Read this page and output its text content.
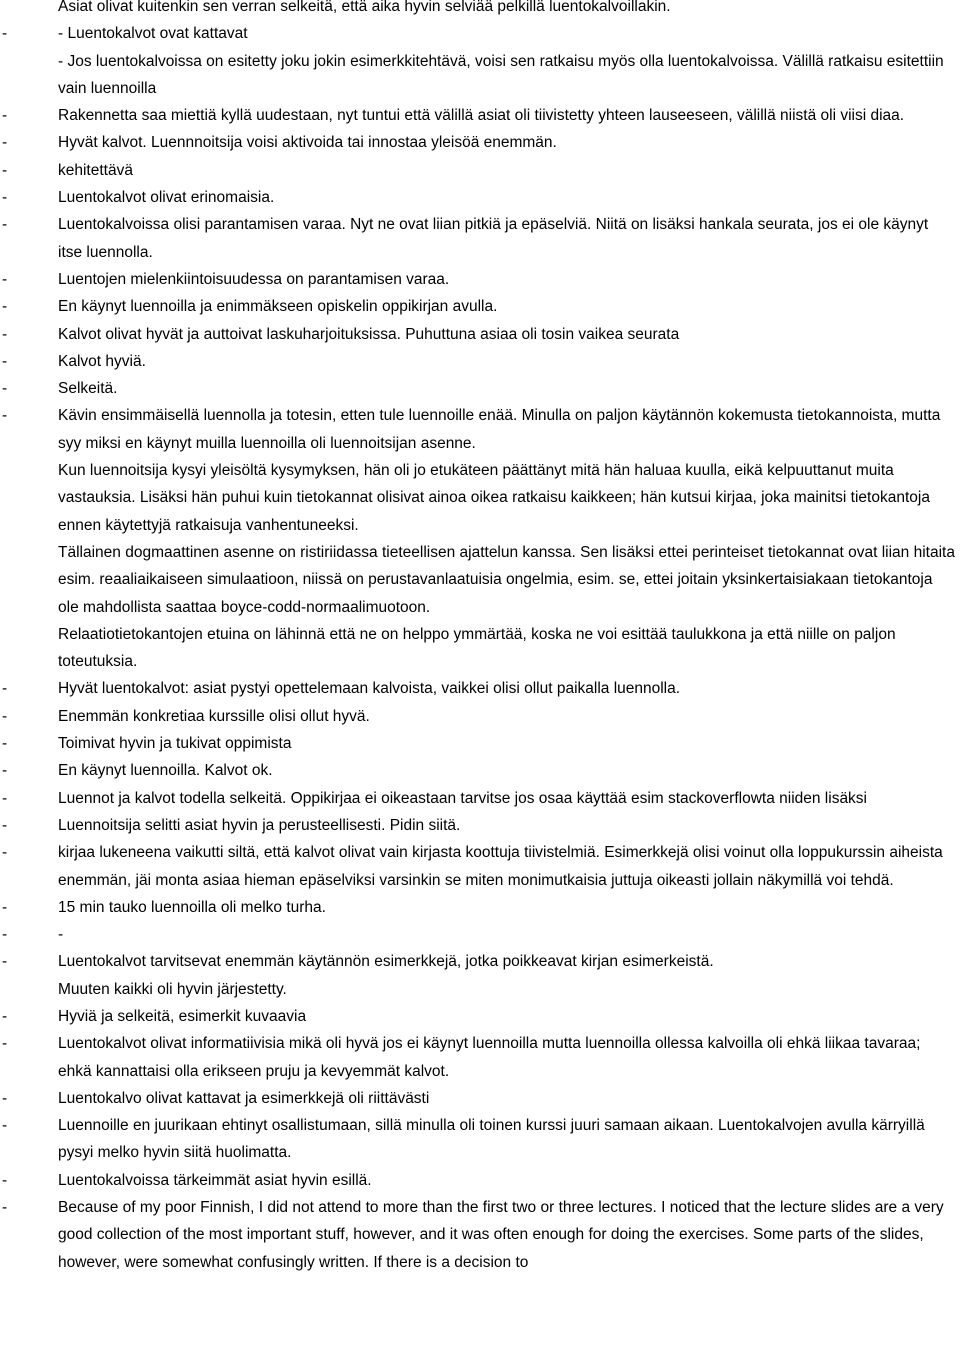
Asiat olivat kuitenkin sen verran selkeitä, että aika hyvin selviää pelkillä luentokalvoillakin.

-	- Luentokalvot ovat kattavat

- Jos luentokalvoissa on esitetty joku jokin esimerkkitehtävä, voisi sen ratkaisu myös olla luentokalvoissa. Välillä ratkaisu esitettiin vain luennoilla

-	Rakennetta saa miettiä kyllä uudestaan, nyt tuntui että välillä asiat oli tiivistetty yhteen lauseeseen, välillä niistä oli viisi diaa.

-	Hyvät kalvot. Luennnoitsija voisi aktivoida tai innostaa yleisöä enemmän.

-	kehitettävä

-	Luentokalvot olivat erinomaisia.

-	Luentokalvoissa olisi parantamisen varaa. Nyt ne ovat liian pitkiä ja epäselviä. Niitä on lisäksi hankala seurata, jos ei ole käynyt itse luennolla.

-	Luentojen mielenkiintoisuudessa on parantamisen varaa.

-	En käynyt luennoilla ja enimmäkseen opiskelin oppikirjan avulla.

-	Kalvot olivat hyvät ja auttoivat laskuharjoituksissa. Puhuttuna asiaa oli tosin vaikea seurata

-	Kalvot hyviä.

-	Selkeitä.

-	Kävin ensimmäisellä luennolla ja totesin, etten tule luennoille enää. Minulla on paljon käytännön kokemusta tietokannoista, mutta syy miksi en käynyt muilla luennoilla oli luennoitsijan asenne.

Kun luennoitsija kysyi yleisöltä kysymyksen, hän oli jo etukäteen päättänyt mitä hän haluaa kuulla, eikä kelpuuttanut muita vastauksia. Lisäksi hän puhui kuin tietokannat olisivat ainoa oikea ratkaisu kaikkeen; hän kutsui kirjaa, joka mainitsi tietokantoja ennen käytettyjä ratkaisuja vanhentuneeksi.

Tällainen dogmaattinen asenne on ristiriidassa tieteellisen ajattelun kanssa. Sen lisäksi ettei perinteiset tietokannat ovat liian hitaita esim. reaaliaikaiseen simulaatioon, niissä on perustavanlaatuisia ongelmia, esim. se, ettei joitain yksinkertaisiakaan tietokantoja ole mahdollista saattaa boyce-codd-normaalimuotoon.

Relaatiotietokantojen etuina on lähinnä että ne on helppo ymmärtää, koska ne voi esittää taulukkona ja että niille on paljon toteutuksia.

-	Hyvät luentokalvot: asiat pystyi opettelemaan kalvoista, vaikkei olisi ollut paikalla luennolla.

-	Enemmän konkretiaa kurssille olisi ollut hyvä.

-	Toimivat hyvin ja tukivat oppimista

-	En käynyt luennoilla. Kalvot ok.

-	Luennot ja kalvot todella selkeitä. Oppikirjaa ei oikeastaan tarvitse jos osaa käyttää esim stackoverflowta niiden lisäksi

-	Luennoitsija selitti asiat hyvin ja perusteellisesti. Pidin siitä.

-	kirjaa lukeneena vaikutti siltä, että kalvot olivat vain kirjasta koottuja tiivistelmiä. Esimerkkejä olisi voinut olla loppukurssin aiheista enemmän, jäi monta asiaa hieman epäselviksi varsinkin se miten monimutkaisia juttuja oikeasti jollain näkymillä voi tehdä.

-	15 min tauko luennoilla oli melko turha.

-	-

-	Luentokalvot tarvitsevat enemmän käytännön esimerkkejä, jotka poikkeavat kirjan esimerkeistä.

Muuten kaikki oli hyvin järjestetty.

-	Hyviä ja selkeitä, esimerkit kuvaavia

-	Luentokalvot olivat informatiivisia mikä oli hyvä jos ei käynyt luennoilla mutta luennoilla ollessa kalvoilla oli ehkä liikaa tavaraa; ehkä kannattaisi olla erikseen pruju ja kevyemmät kalvot.

-	Luentokalvo olivat kattavat ja esimerkkejä oli riittävästi

-	Luennoille en juurikaan ehtinyt osallistumaan, sillä minulla oli toinen kurssi juuri samaan aikaan. Luentokalvojen avulla kärryillä pysyi melko hyvin siitä huolimatta.

-	Luentokalvoissa tärkeimmät asiat hyvin esillä.

-	Because of my poor Finnish, I did not attend to more than the first two or three lectures. I noticed that the lecture slides are a very good collection of the most important stuff, however, and it was often enough for doing the exercises. Some parts of the slides, however, were somewhat confusingly written. If there is a decision to
